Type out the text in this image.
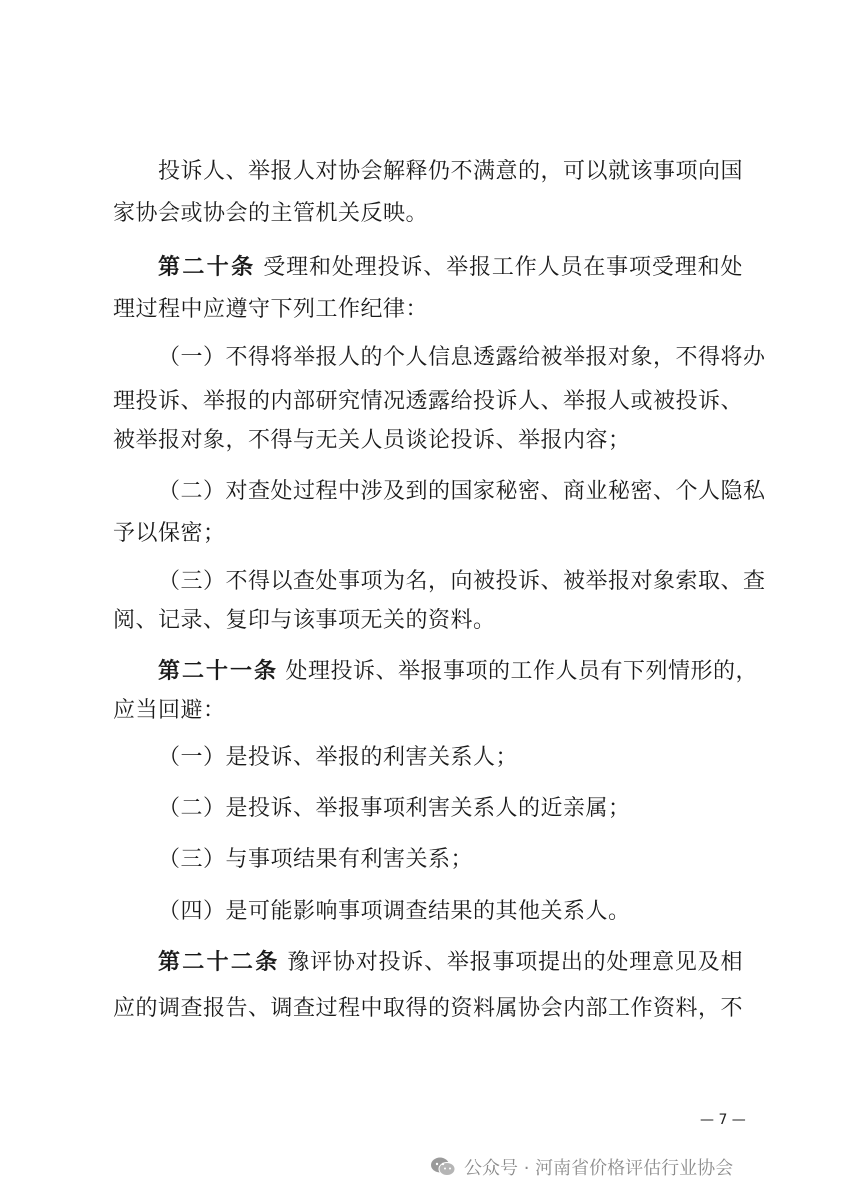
投诉人、举报人对协会解释仍不满意的，可以就该事项向国
家协会或协会的主管机关反映。
第二十条 受理和处理投诉、举报工作人员在事项受理和处
理过程中应遵守下列工作纪律：
（一）不得将举报人的个人信息透露给被举报对象，不得将办
理投诉、举报的内部研究情况透露给投诉人、举报人或被投诉、
被举报对象，不得与无关人员谈论投诉、举报内容；
（二）对查处过程中涉及到的国家秘密、商业秘密、个人隐私
予以保密；
（三）不得以查处事项为名，向被投诉、被举报对象索取、查
阅、记录、复印与该事项无关的资料。
第二十一条 处理投诉、举报事项的工作人员有下列情形的，
应当回避：
（一）是投诉、举报的利害关系人；
（二）是投诉、举报事项利害关系人的近亲属；
（三）与事项结果有利害关系；
（四）是可能影响事项调查结果的其他关系人。
第二十二条 豫评协对投诉、举报事项提出的处理意见及相
应的调查报告、调查过程中取得的资料属协会内部工作资料，不
— 7 —
公众号 · 河南省价格评估行业协会
